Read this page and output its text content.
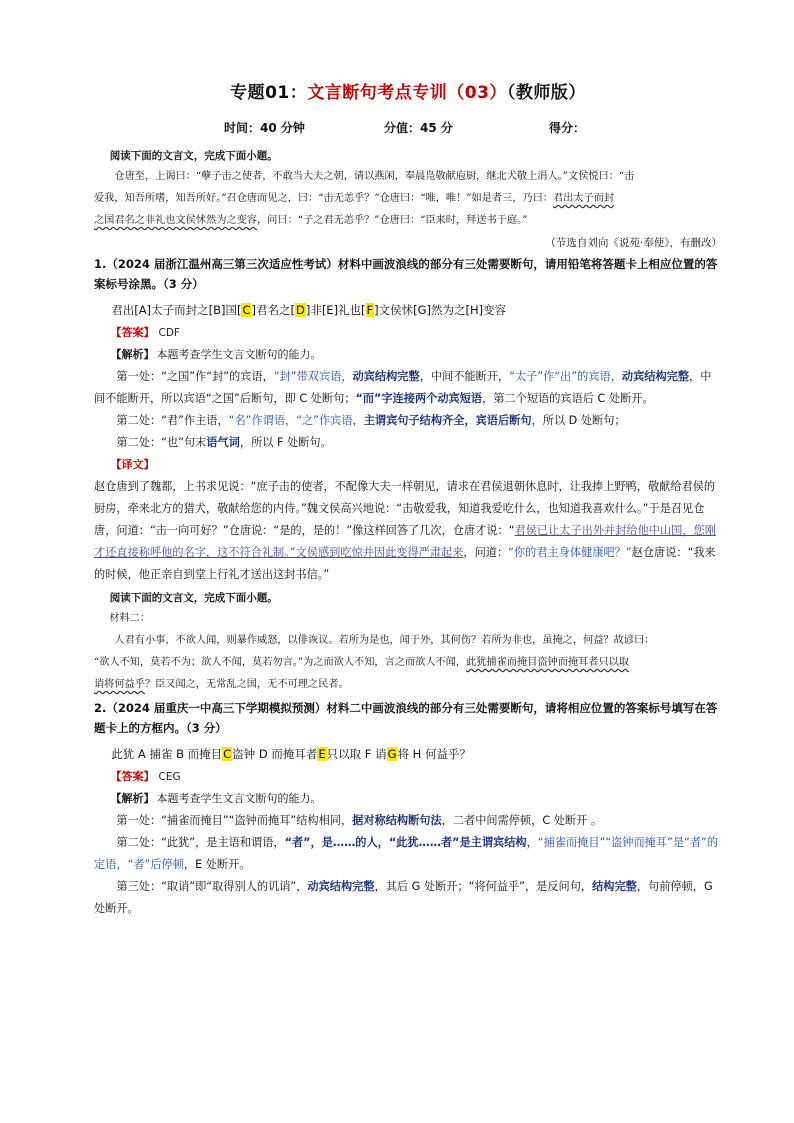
专题01：文言断句考点专训（03）（教师版）
时间：40 分钟	分值：45 分	得分：

阅读下面的文言文，完成下面小题。

仓唐至，上谒曰：“孽子击之使者，不敢当大夫之朝，请以燕闲，奉晨凫敬献庖厨，继北犬敬上涓人。”文侯悦曰：“击

爱我，知吾所嗜，知吾所好。”召仓唐而见之，曰：“击无恙乎？”仓唐曰：“唯，唯！”如是者三，乃曰：君出太子而封

之国君名之非礼也文侯怵然为之变容，问曰：“子之君无恙乎？”仓唐曰：“臣来时，拜送书于庭。”

（节选自刘向《说苑·奉使》，有删改）

1.（2024 届浙江温州高三第三次适应性考试）材料中画波浪线的部分有三处需要断句，请用铅笔将答题卡上相应位置的答案标号涂黑。（3 分）

君出[A]太子而封之[B]国[C]君名之[D]非[E]礼也[F]文侯怵[G]然为之[H]变容

【答案】 CDF

【解析】 本题考查学生文言文断句的能力。

第一处：“之国”作“封”的宾语，“封”带双宾语，动宾结构完整，中间不能断开，“太子”作“出”的宾语，动宾结构完整，中间不能断开，所以宾语“之国”后断句，即 C 处断句；“而”字连接两个动宾短语，第二个短语的宾语后 C 处断开。

第二处：“君”作主语，“名”作谓语，“之”作宾语，主谓宾句子结构齐全，宾语后断句，所以 D 处断句；

第二处：“也”句末语气词，所以 F 处断句。

【译文】

赵仓唐到了魏都，上书求见说：“庶子击的使者，不配像大夫一样朝见，请求在君侯退朝休息时，让我捧上野鸭，敬献给君侯的厨房，牵来北方的猎犬，敬献给您的内侍。”魏文侯高兴地说：“击敬爱我，知道我爱吃什么，也知道我喜欢什么。”于是召见仓唐，问道：“击一向可好？”仓唐说：“是的，是的！”像这样回答了几次，仓唐才说：“君侯已让太子出外并封给他中山国，您刚才还直接称呼他的名字，这不符合礼制。”文侯感到吃惊并因此变得严肃起来，问道：“你的君主身体健康吧？”赵仓唐说：“我来的时候，他正亲自到堂上行礼才送出这封书信。”

阅读下面的文言文，完成下面小题。

材料二：

人君有小事，不欲人闻，则暴作威怒，以俳诙议。若所为是也，闻于外，其何伤？若所为非也，虽掩之，何益？故谚曰：

“欲人不知，莫若不为；欲人不闻，莫若勿言。”为之而欲人不知，言之而欲人不闻，此犹捕雀而掩目盗钟而掩耳者只以取

诮将何益乎？臣又闻之，无常乱之国，无不可理之民者。

2.（2024 届重庆一中高三下学期模拟预测）材料二中画波浪线的部分有三处需要断句，请将相应位置的答案标号填写在答题卡上的方框内。（3 分）

此犹 A 捕雀 B 而掩目C盗钟 D 而掩耳者E只以取 F 诮G将 H 何益乎？

【答案】 CEG

【解析】 本题考查学生文言文断句的能力。

第一处：“捕雀而掩目”“盗钟而掩耳”结构相同，据对称结构断句法，二者中间需停顿，C 处断开 。

第二处：“此犹”，是主语和谓语，“者”，是……的人，“此犹……者”是主谓宾结构，“捕雀而掩目”“盗钟而掩耳”是“者”的定语，“者”后停顿，E 处断开。

第三处：“取诮”即“取得别人的讥诮”，动宾结构完整，其后 G 处断开；“将何益乎”，是反问句，结构完整，句前停顿，G 处断开。
